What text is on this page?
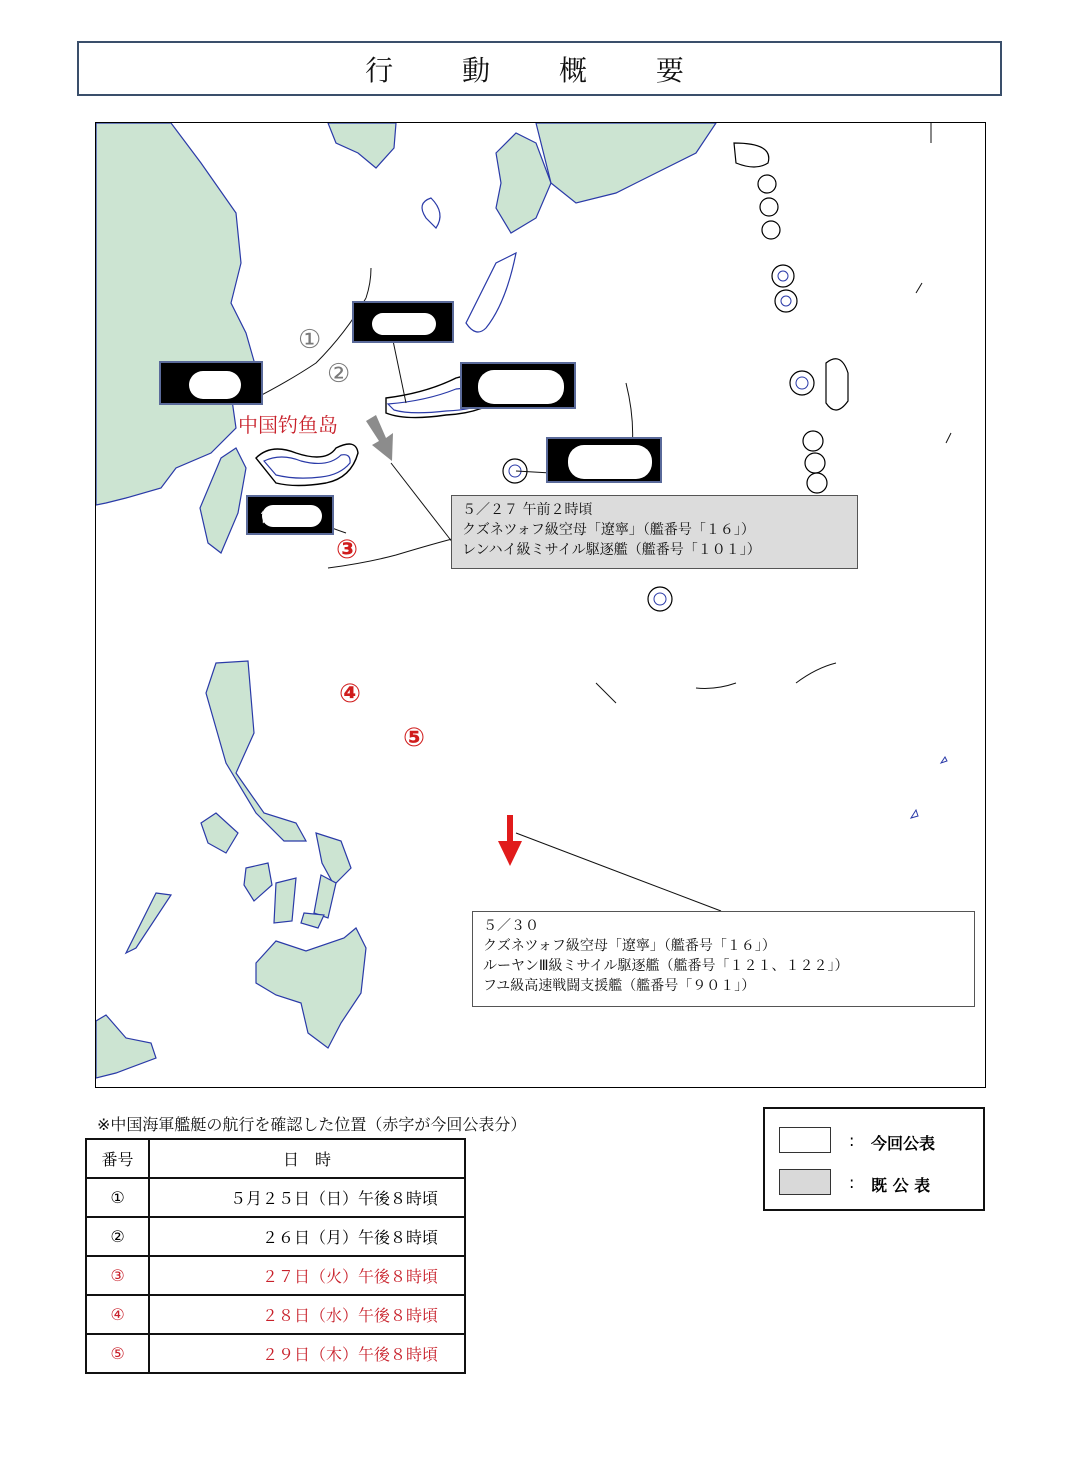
行 動 概 要
岛	沖縄
沖縄島
宮古島
中国钓鱼岛
①
②
③
④
⑤
５／２７ 午前２時頃
クズネツォフ級空母「遼寧」（艦番号「１６」）
レンハイ級ミサイル駆逐艦（艦番号「１０１」）
５／３０
クズネツォフ級空母「遼寧」（艦番号「１６」）
ルーヤンⅢ級ミサイル駆逐艦（艦番号「１２１、１２２」）
フユ級高速戦闘支援艦（艦番号「９０１」）
※中国海軍艦艇の航行を確認した位置（赤字が今回公表分）
番号	日　時
①	５月２５日（日）午後８時頃
②	２６日（月）午後８時頃
③	２７日（火）午後８時頃
④	２８日（水）午後８時頃
⑤	２９日（木）午後８時頃
: 今回公表
: 既 公 表
